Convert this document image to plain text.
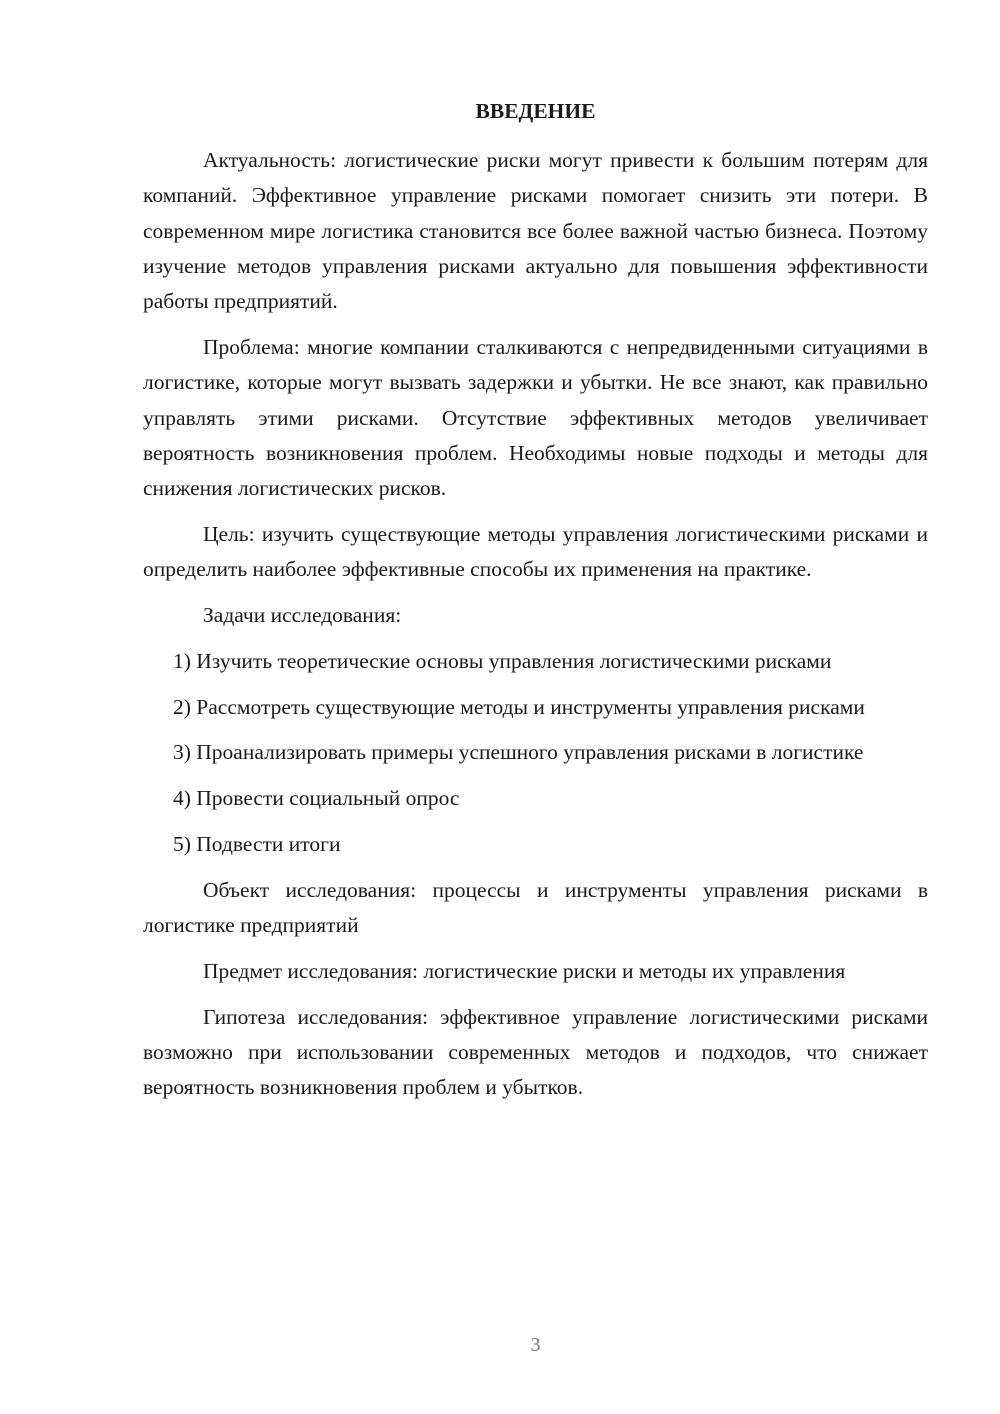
ВВЕДЕНИЕ

Актуальность: логистические риски могут привести к большим потерям для компаний. Эффективное управление рисками помогает снизить эти потери. В современном мире логистика становится все более важной частью бизнеса. Поэтому изучение методов управления рисками актуально для повышения эффективности работы предприятий.

Проблема: многие компании сталкиваются с непредвиденными ситуациями в логистике, которые могут вызвать задержки и убытки. Не все знают, как правильно управлять этими рисками. Отсутствие эффективных методов увеличивает вероятность возникновения проблем. Необходимы новые подходы и методы для снижения логистических рисков.

Цель: изучить существующие методы управления логистическими рисками и определить наиболее эффективные способы их применения на практике.

Задачи исследования:

1) Изучить теоретические основы управления логистическими рисками

2) Рассмотреть существующие методы и инструменты управления рисками

3) Проанализировать примеры успешного управления рисками в логистике

4) Провести социальный опрос

5) Подвести итоги

Объект исследования: процессы и инструменты управления рисками в логистике предприятий

Предмет исследования: логистические риски и методы их управления

Гипотеза исследования: эффективное управление логистическими рисками возможно при использовании современных методов и подходов, что снижает вероятность возникновения проблем и убытков.

3
